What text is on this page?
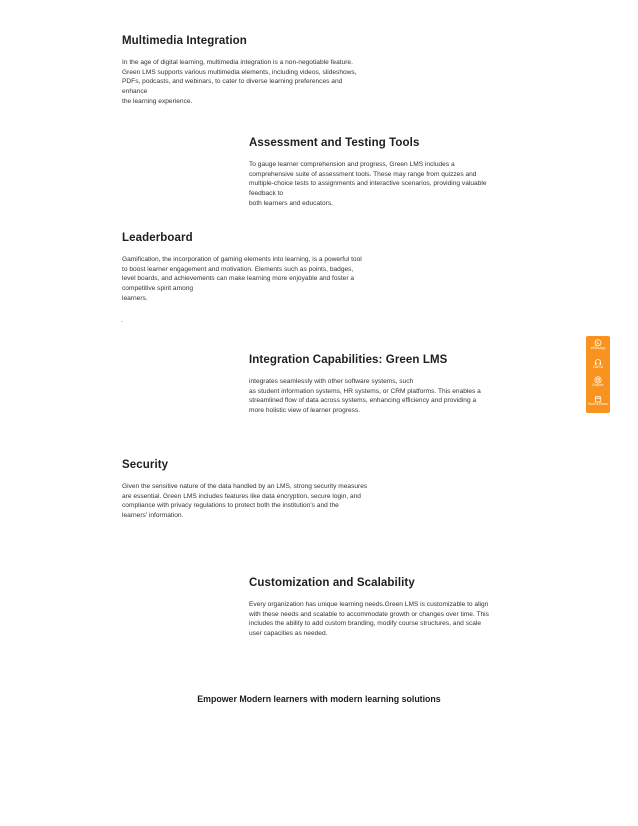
Multimedia Integration

In the age of digital learning, multimedia integration is a non-negotiable feature.
Green LMS supports various multimedia elements, including videos, slideshows,
PDFs, podcasts, and webinars, to cater to diverse learning preferences and
enhance
the learning experience.

Assessment and Testing Tools

To gauge learner comprehension and progress, Green LMS includes a
comprehensive suite of assessment tools. These may range from quizzes and
multiple-choice tests to assignments and interactive scenarios, providing valuable
feedback to
both learners and educators.

Leaderboard

Gamification, the incorporation of gaming elements into learning, is a powerful tool
to boost learner engagement and motivation. Elements such as points, badges,
level boards, and achievements can make learning more enjoyable and foster a
competitive spirit among
learners.

.
Integration Capabilities: Green LMS

integrates seamlessly with other software systems, such
as student information systems, HR systems, or CRM platforms. This enables a
streamlined flow of data across systems, enhancing efficiency and providing a
more holistic view of learner progress.

Security

Given the sensitive nature of the data handled by an LMS, strong security measures
are essential. Green LMS includes features like data encryption, secure login, and
compliance with privacy regulations to protect both the institution's and the
learners' information.

Customization and Scalability

Every organization has unique learning needs.Green LMS is customizable to align
with these needs and scalable to accommodate growth or changes over time. This
includes the ability to add custom branding, modify course structures, and scale
user capacities as needed.

Empower Modern learners with modern learning solutions
WhatsApp
Call Us
Enquire
Book a Demo
